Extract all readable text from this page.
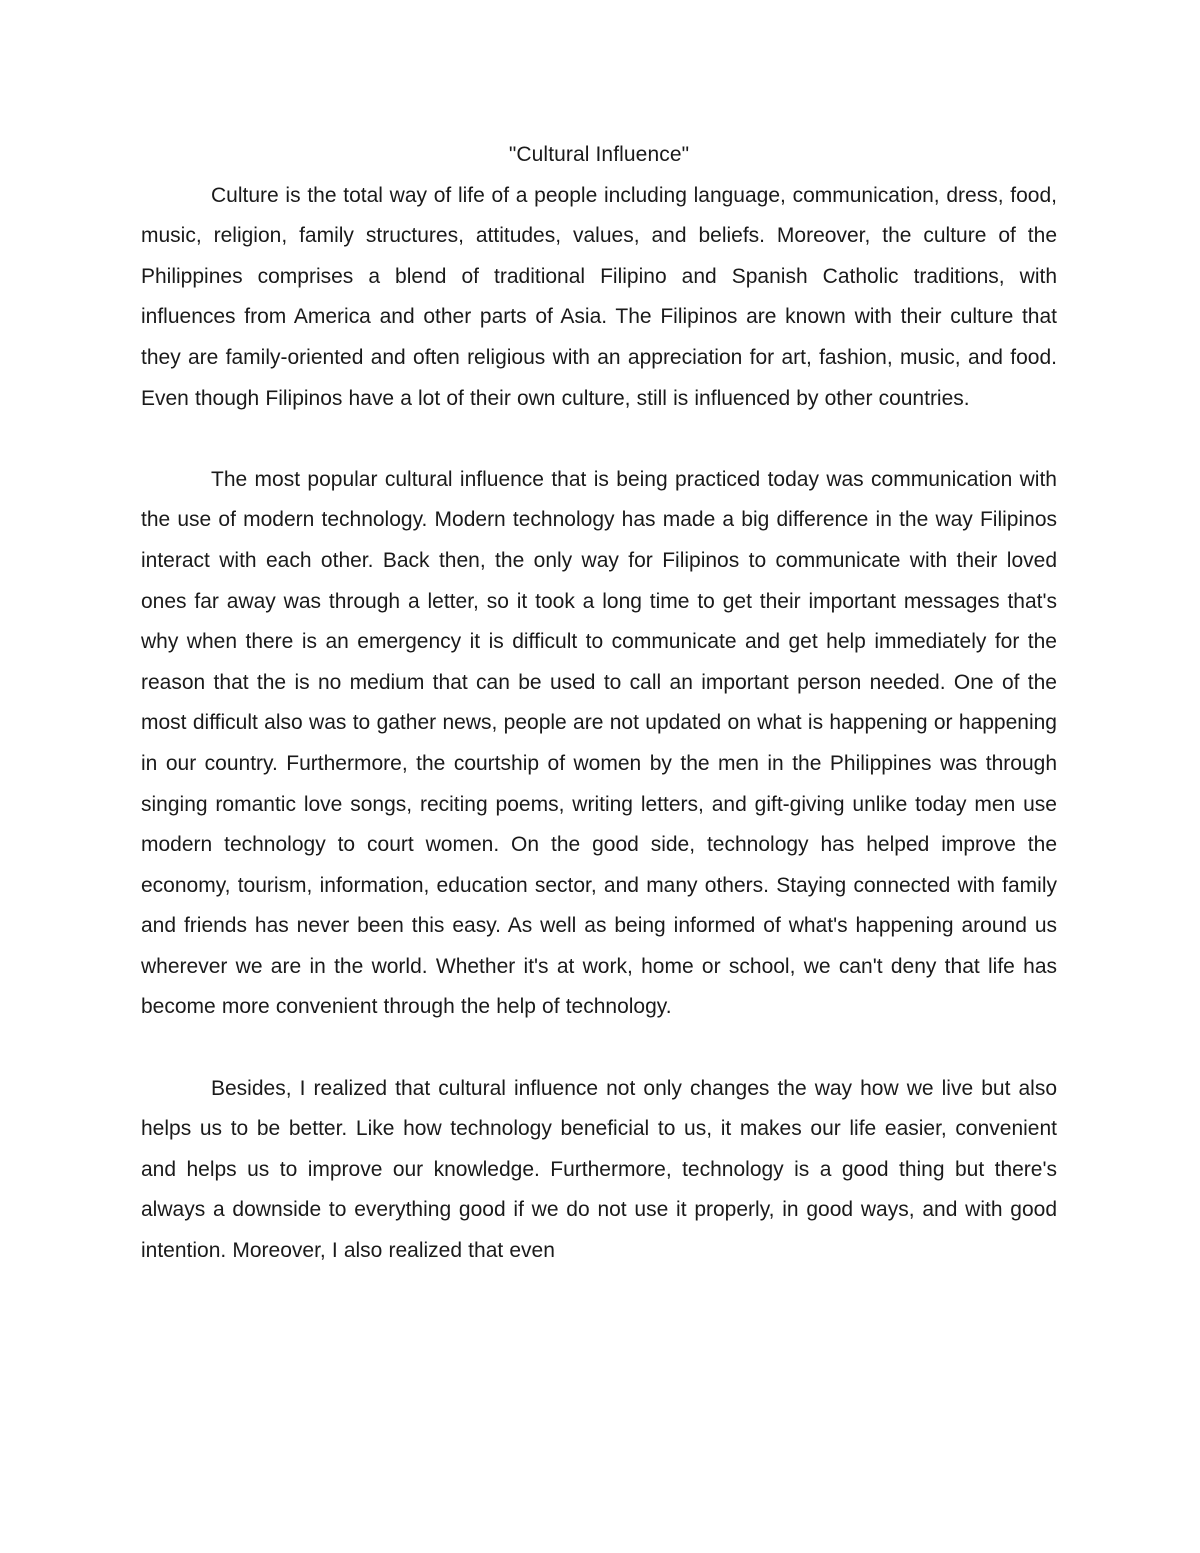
"Cultural Influence"

Culture is the total way of life of a people including language, communication, dress, food, music, religion, family structures, attitudes, values, and beliefs. Moreover, the culture of the Philippines comprises a blend of traditional Filipino and Spanish Catholic traditions, with influences from America and other parts of Asia. The Filipinos are known with their culture that they are family-oriented and often religious with an appreciation for art, fashion, music, and food. Even though Filipinos have a lot of their own culture, still is influenced by other countries.

The most popular cultural influence that is being practiced today was communication with the use of modern technology. Modern technology has made a big difference in the way Filipinos interact with each other. Back then, the only way for Filipinos to communicate with their loved ones far away was through a letter, so it took a long time to get their important messages that's why when there is an emergency it is difficult to communicate and get help immediately for the reason that the is no medium that can be used to call an important person needed. One of the most difficult also was to gather news, people are not updated on what is happening or happening in our country. Furthermore, the courtship of women by the men in the Philippines was through singing romantic love songs, reciting poems, writing letters, and gift-giving unlike today men use modern technology to court women. On the good side, technology has helped improve the economy, tourism, information, education sector, and many others. Staying connected with family and friends has never been this easy. As well as being informed of what's happening around us wherever we are in the world. Whether it's at work, home or school, we can't deny that life has become more convenient through the help of technology.

Besides, I realized that cultural influence not only changes the way how we live but also helps us to be better. Like how technology beneficial to us, it makes our life easier, convenient and helps us to improve our knowledge. Furthermore, technology is a good thing but there's always a downside to everything good if we do not use it properly, in good ways, and with good intention. Moreover, I also realized that even
